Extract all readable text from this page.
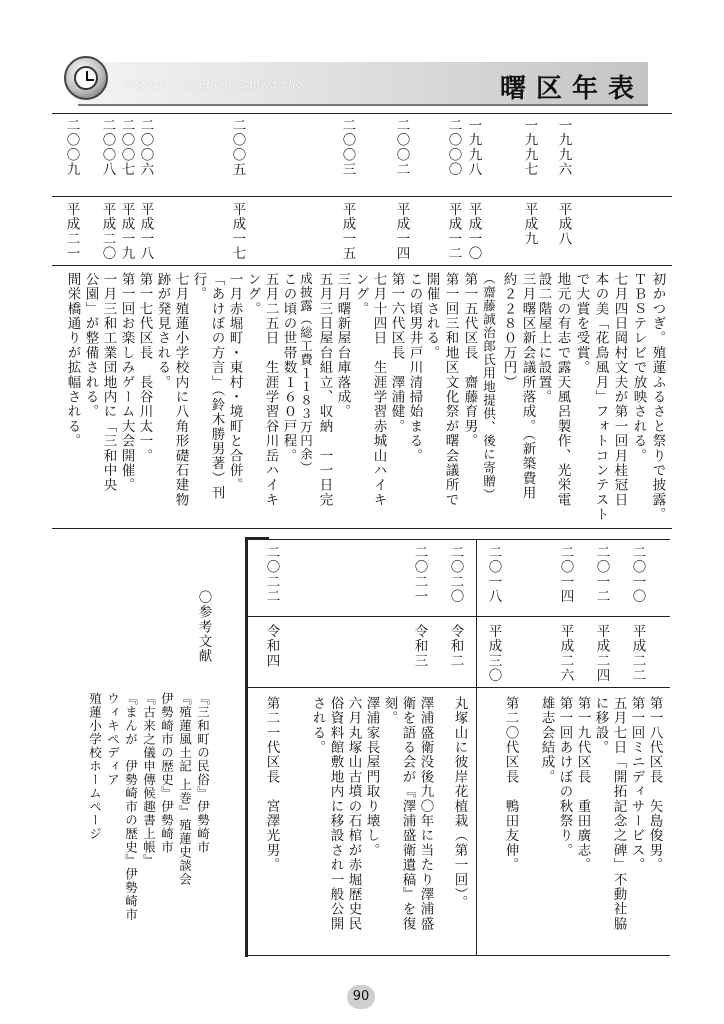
history of akebono sanwa-cho	曙区年表
一九九六
一九九七
一九九八
二〇〇〇
二〇〇二
二〇〇三
二〇〇五
二〇〇六
二〇〇七
二〇〇八
二〇〇九
平成八
平成九
平成一〇
平成一二
平成一四
平成一五
平成一七
平成一八
平成一九
平成二〇
平成二一
初かつぎ。殖蓮ふるさと祭りで披露。
ＴＢＳテレビで放映される。
七月四日岡村文夫が第一回月桂冠日
本の美「花鳥風月」フォトコンテスト
で大賞を受賞。
地元の有志で露天風呂製作、光栄電
設二階屋上に設置。
三月曙区新会議所落成。（新築費用
約２２８０万円）
（齋藤誠治郎氏用地提供、後に寄贈）
第一五代区長　齋藤育男。
第一回三和地区文化祭が曙会議所で
開催される。
この頃男井戸川清掃始まる。
第一六代区長　澤浦健。
七月十四日　生涯学習赤城山ハイキ
ング。
三月曙新屋台庫落成。
五月三日屋台組立、収納　一一日完
成披露（総工費１１８３万円余）
この頃の世帯数１６０戸程。
五月二五日　生涯学習谷川岳ハイキ
ング。
一月赤堀町・東村・境町と合併。
「あけぼの方言」（鈴木勝男著）刊
行。
七月殖蓮小学校内に八角形礎石建物
跡が発見される。
第一七代区長　長谷川太一。
第一回お楽しみゲーム大会開催。
一月三和工業団地内に「三和中央
公園」が整備される。
間栄橋通りが拡幅される。
二〇一〇
二〇一二
二〇一四
二〇一八
二〇二〇
二〇二一
二〇二二
平成二二
平成二四
平成二六
平成三〇
令和二
令和三
令和四
第一八代区長　矢島俊男。
第一回ミニディサービス。
五月七日「開拓記念之碑」不動社脇
に移設。
第一九代区長　重田廣志。
第一回あけぼの秋祭り。
雄志会結成。
第二〇代区長　鴨田友伸。
丸塚山に彼岸花植栽（第一回）。
澤浦盛衛没後九〇年に当たり澤浦盛
衛を語る会が『澤浦盛衛遺稿』を復
刻。
澤浦家長屋門取り壊し。
六月丸塚山古墳の石棺が赤堀歴史民
俗資料館敷地内に移設され一般公開
される。
第二一代区長　宮澤光男。
〇参考文献
『三和町の民俗』伊勢崎市
『殖蓮風土記 上巻』殖蓮史談会
伊勢崎市の歴史』伊勢崎市
『古来之儀申傳候趣書上帳』
『まんが　伊勢崎市の歴史』伊勢崎市
ウィキペディア
殖蓮小学校ホームページ
90
